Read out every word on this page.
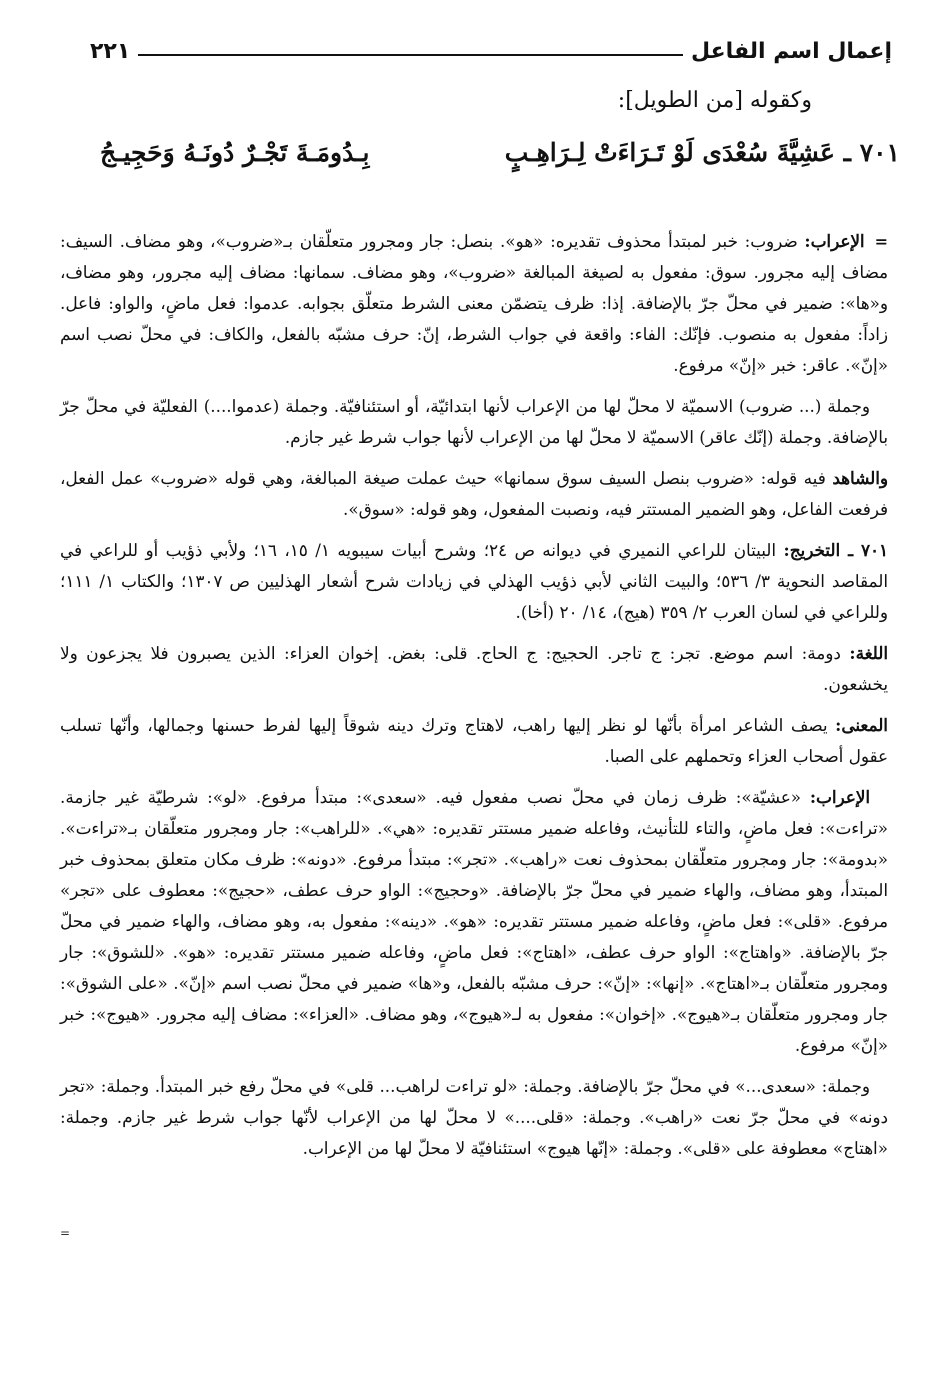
إعمال اسم الفاعل
٢٢١
وكقوله [من الطويل]:
٧٠١ ـ عَشِيَّةَ سُعْدَى لَوْ تَـرَاءَتْ لِـرَاهِـبٍ
بِـدُومَـةَ تَجْـرٌ دُونَـهُ وَحَجِيـجُ

=الإعراب: ضروب: خبر لمبتدأ محذوف تقديره: «هو». بنصل: جار ومجرور متعلّقان بـ«ضروب»، وهو مضاف. السيف: مضاف إليه مجرور. سوق: مفعول به لصيغة المبالغة «ضروب»، وهو مضاف. سمانها: مضاف إليه مجرور، وهو مضاف، و«ها»: ضمير في محلّ جرّ بالإضافة. إذا: ظرف يتضمّن معنى الشرط متعلّق بجوابه. عدموا: فعل ماضٍ، والواو: فاعل. زاداً: مفعول به منصوب. فإنّك: الفاء: واقعة في جواب الشرط، إنّ: حرف مشبّه بالفعل، والكاف: في محلّ نصب اسم «إنّ». عاقر: خبر «إنّ» مرفوع.

وجملة (... ضروب) الاسميّة لا محلّ لها من الإعراب لأنها ابتدائيّة، أو استئنافيّة. وجملة (عدموا....) الفعليّة في محلّ جرّ بالإضافة. وجملة (إنّك عاقر) الاسميّة لا محلّ لها من الإعراب لأنها جواب شرط غير جازم.

والشاهد فيه قوله: «ضروب بنصل السيف سوق سمانها» حيث عملت صيغة المبالغة، وهي قوله «ضروب» عمل الفعل، فرفعت الفاعل، وهو الضمير المستتر فيه، ونصبت المفعول، وهو قوله: «سوق».

٧٠١ ـ التخريج: البيتان للراعي النميري في ديوانه ص ٢٤؛ وشرح أبيات سيبويه ١/ ١٥، ١٦؛ ولأبي ذؤيب أو للراعي في المقاصد النحوية ٣/ ٥٣٦؛ والبيت الثاني لأبي ذؤيب الهذلي في زيادات شرح أشعار الهذليين ص ١٣٠٧؛ والكتاب ١/ ١١١؛ وللراعي في لسان العرب ٢/ ٣٥٩ (هيج)، ١٤/ ٢٠ (أخا).

اللغة: دومة: اسم موضع. تجر: ج تاجر. الحجيج: ج الحاج. قلى: بغض. إخوان العزاء: الذين يصبرون فلا يجزعون ولا يخشعون.

المعنى: يصف الشاعر امرأة بأنّها لو نظر إليها راهب، لاهتاج وترك دينه شوقاً إليها لفرط حسنها وجمالها، وأنّها تسلب عقول أصحاب العزاء وتحملهم على الصبا.

الإعراب: «عشيّة»: ظرف زمان في محلّ نصب مفعول فيه. «سعدى»: مبتدأ مرفوع. «لو»: شرطيّة غير جازمة. «تراءت»: فعل ماضٍ، والتاء للتأنيث، وفاعله ضمير مستتر تقديره: «هي». «للراهب»: جار ومجرور متعلّقان بـ«تراءت». «بدومة»: جار ومجرور متعلّقان بمحذوف نعت «راهب». «تجر»: مبتدأ مرفوع. «دونه»: ظرف مكان متعلق بمحذوف خبر المبتدأ، وهو مضاف، والهاء ضمير في محلّ جرّ بالإضافة. «وحجيج»: الواو حرف عطف، «حجيج»: معطوف على «تجر» مرفوع. «قلى»: فعل ماضٍ، وفاعله ضمير مستتر تقديره: «هو». «دينه»: مفعول به، وهو مضاف، والهاء ضمير في محلّ جرّ بالإضافة. «واهتاج»: الواو حرف عطف، «اهتاج»: فعل ماضٍ، وفاعله ضمير مستتر تقديره: «هو». «للشوق»: جار ومجرور متعلّقان بـ«اهتاج». «إنها»: «إنّ»: حرف مشبّه بالفعل، و«ها» ضمير في محلّ نصب اسم «إنّ». «على الشوق»: جار ومجرور متعلّقان بـ«هيوج». «إخوان»: مفعول به لـ«هيوج»، وهو مضاف. «العزاء»: مضاف إليه مجرور. «هيوج»: خبر «إنّ» مرفوع.

وجملة: «سعدى...» في محلّ جرّ بالإضافة. وجملة: «لو تراءت لراهب... قلى» في محلّ رفع خبر المبتدأ. وجملة: «تجر دونه» في محلّ جرّ نعت «راهب». وجملة: «قلى....» لا محلّ لها من الإعراب لأنّها جواب شرط غير جازم. وجملة: «اهتاج» معطوفة على «قلى». وجملة: «إنّها هيوج» استئنافيّة لا محلّ لها من الإعراب.

=
